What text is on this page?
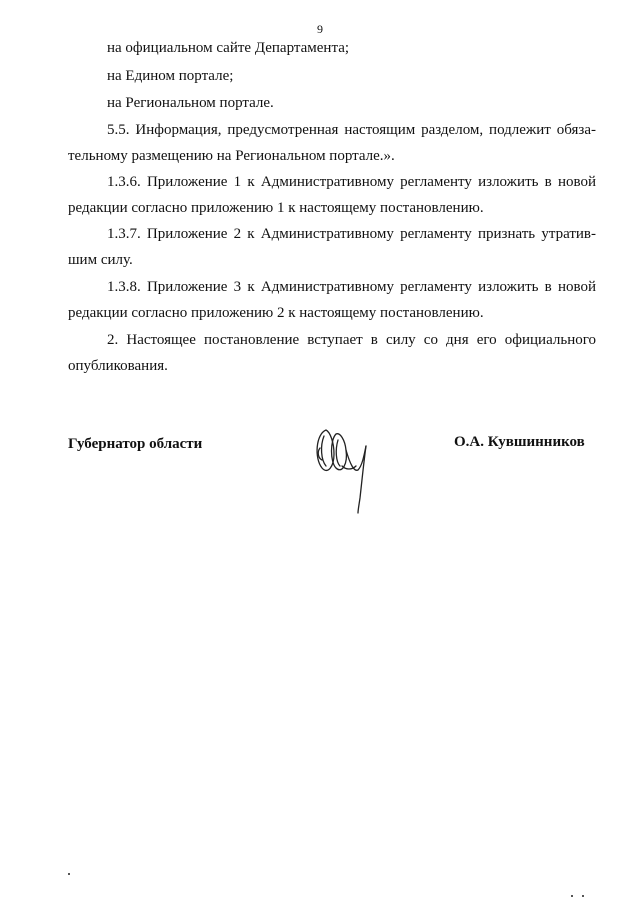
9
на официальном сайте Департамента;
на Едином портале;
на Региональном портале.
5.5. Информация, предусмотренная настоящим разделом, подлежит обяза-
тельному размещению на Региональном портале.».
1.3.6. Приложение 1 к Административному регламенту изложить в новой
редакции согласно приложению 1 к настоящему постановлению.
1.3.7. Приложение 2 к Административному регламенту признать утратив-
шим силу.
1.3.8. Приложение 3 к Административному регламенту изложить в новой
редакции согласно приложению 2 к настоящему постановлению.
2. Настоящее постановление вступает в силу со дня его официального
опубликования.
Губернатор области	О.А. Кувшинников
